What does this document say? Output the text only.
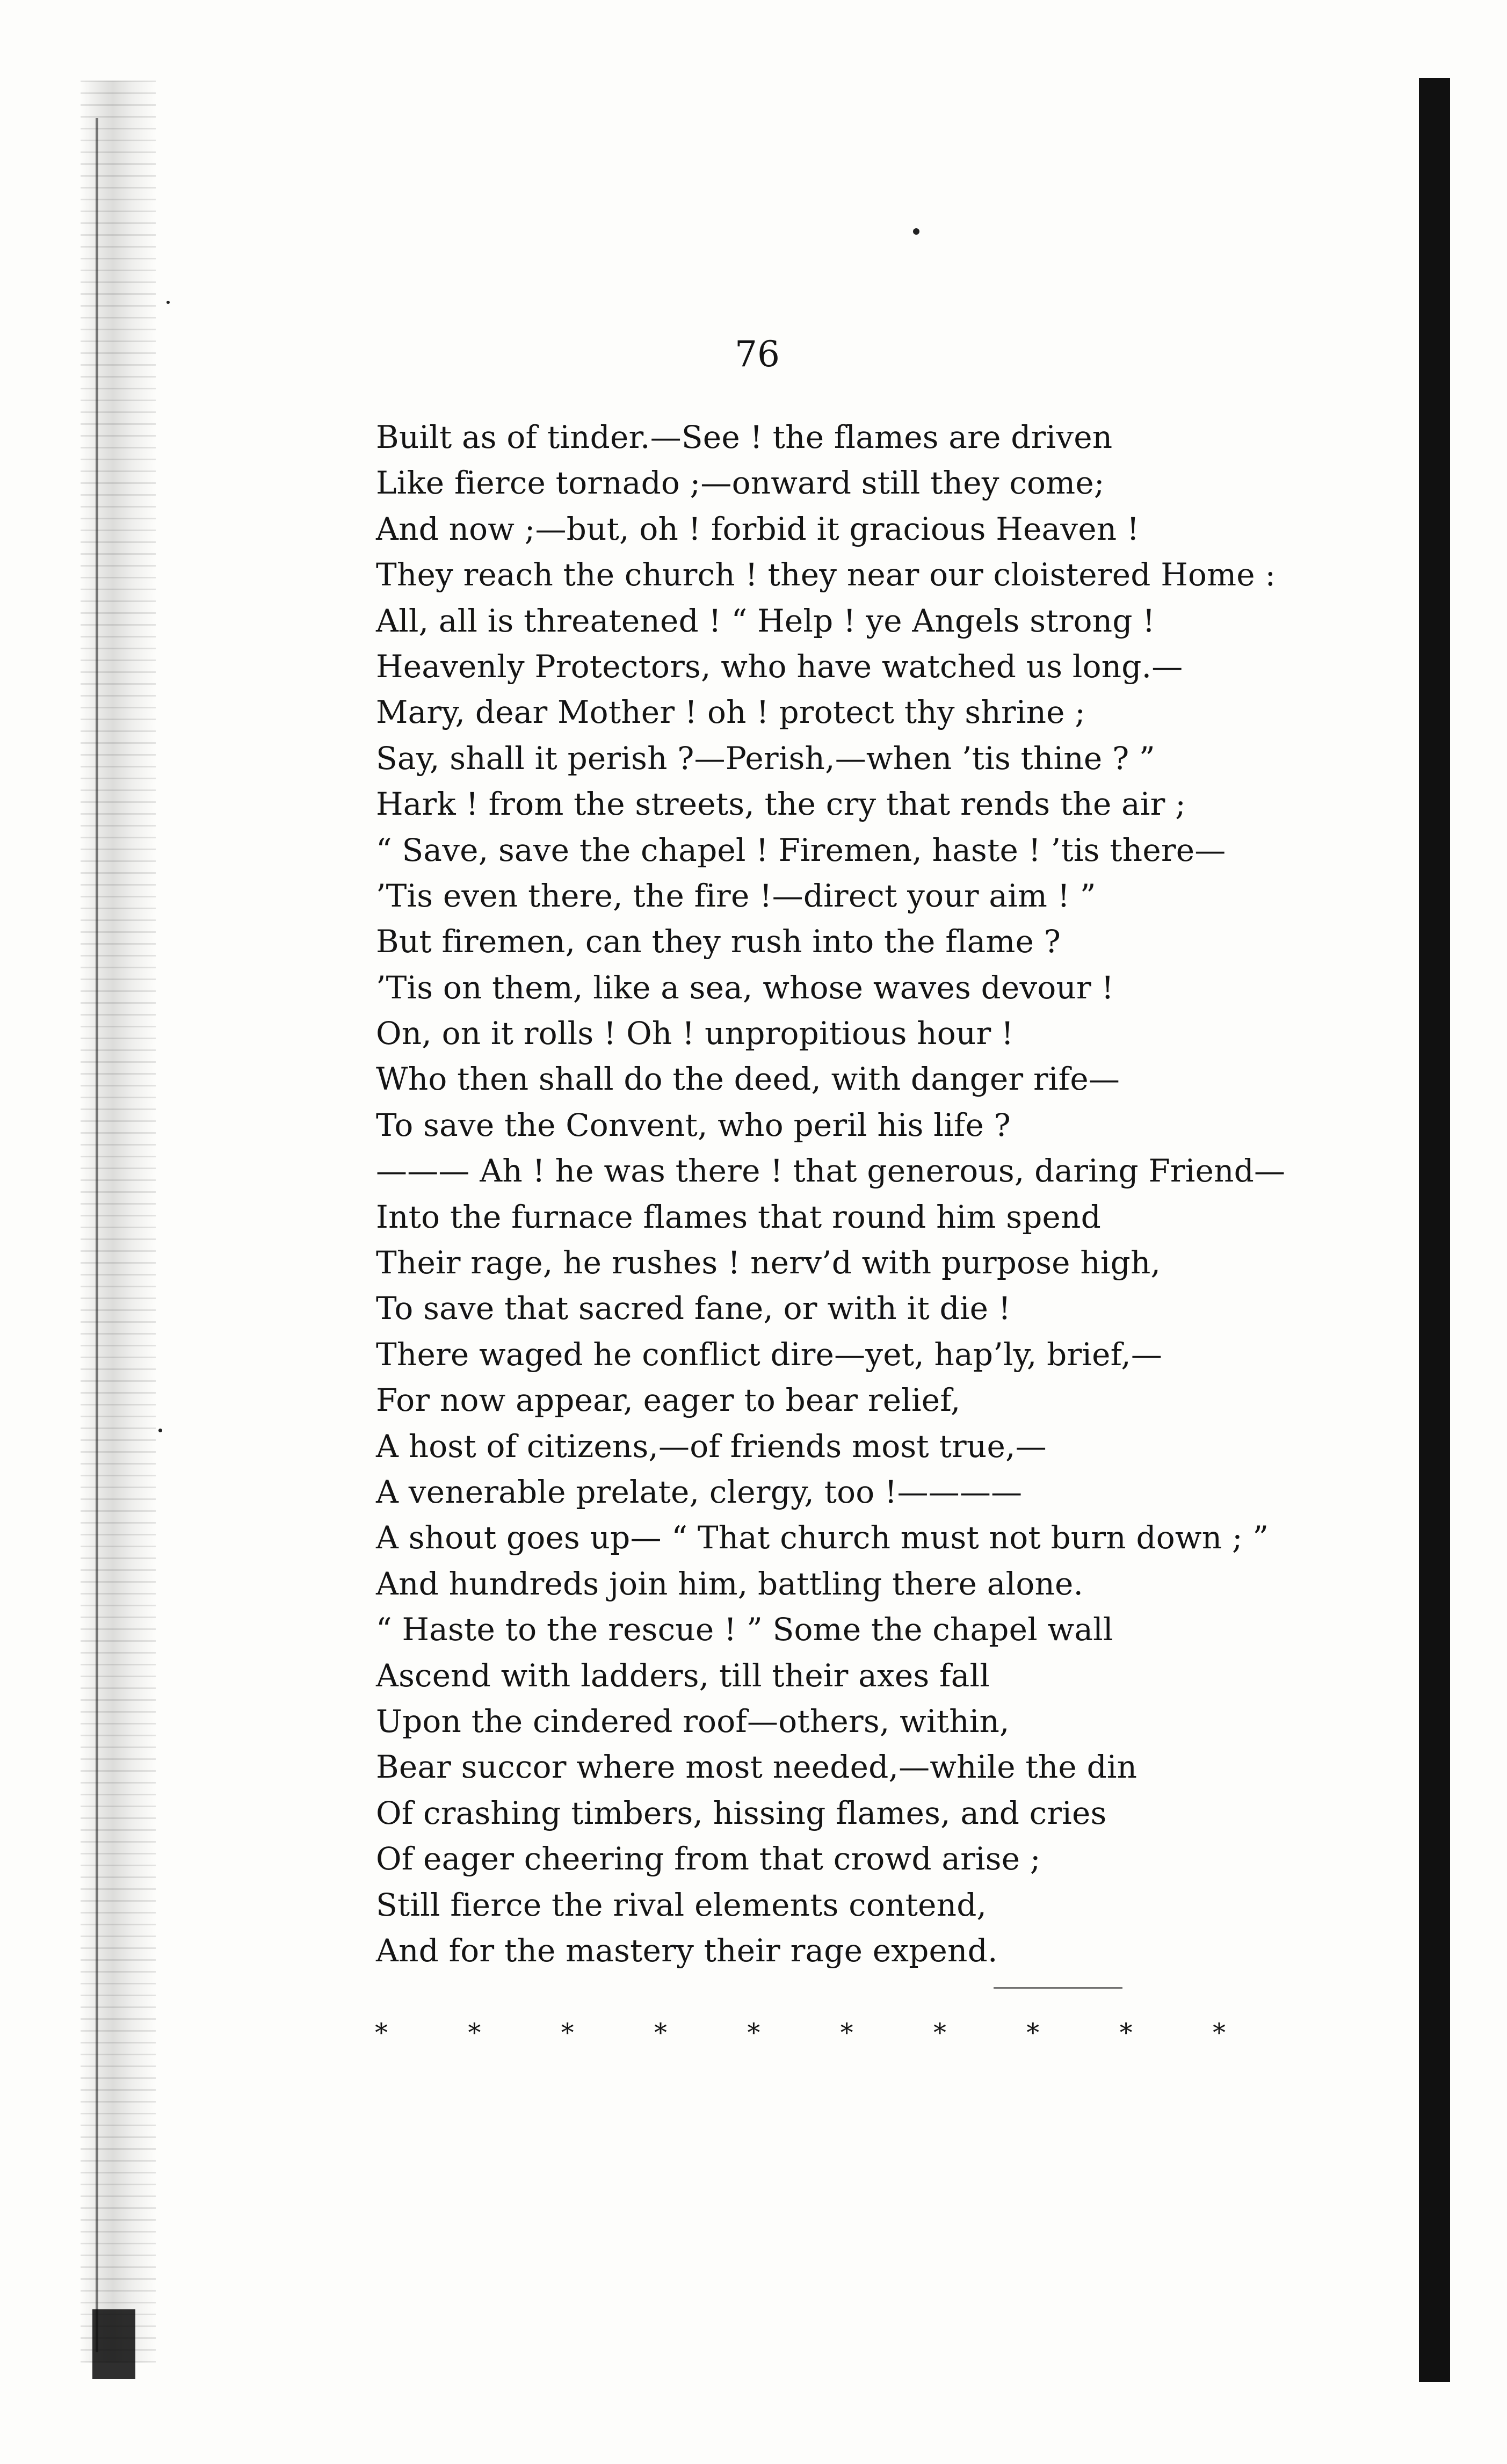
76
Built as of tinder.—See ! the flames are driven
Like fierce tornado ;—onward still they come;
And now ;—but, oh ! forbid it gracious Heaven !
They reach the church ! they near our cloistered Home :
All, all is threatened ! “ Help ! ye Angels strong !
Heavenly Protectors, who have watched us long.—
Mary, dear Mother ! oh ! protect thy shrine ;
Say, shall it perish ?—Perish,—when ’tis thine ? ”
Hark ! from the streets, the cry that rends the air ;
“ Save, save the chapel ! Firemen, haste ! ’tis there—
’Tis even there, the fire !—direct your aim ! ”
But firemen, can they rush into the flame ?
’Tis on them, like a sea, whose waves devour !
On, on it rolls ! Oh ! unpropitious hour !
Who then shall do the deed, with danger rife—
To save the Convent, who peril his life ?
——— Ah ! he was there ! that generous, daring Friend—
Into the furnace flames that round him spend
Their rage, he rushes ! nerv’d with purpose high,
To save that sacred fane, or with it die !
There waged he conflict dire—yet, hap’ly, brief,—
For now appear, eager to bear relief,
A host of citizens,—of friends most true,—
A venerable prelate, clergy, too !————
A shout goes up— “ That church must not burn down ; ”
And hundreds join him, battling there alone.
“ Haste to the rescue ! ” Some the chapel wall
Ascend with ladders, till their axes fall
Upon the cindered roof—others, within,
Bear succor where most needed,—while the din
Of crashing timbers, hissing flames, and cries
Of eager cheering from that crowd arise ;
Still fierce the rival elements contend,
And for the mastery their rage expend.
*	*	*	*	*	*	*	*	*	*
